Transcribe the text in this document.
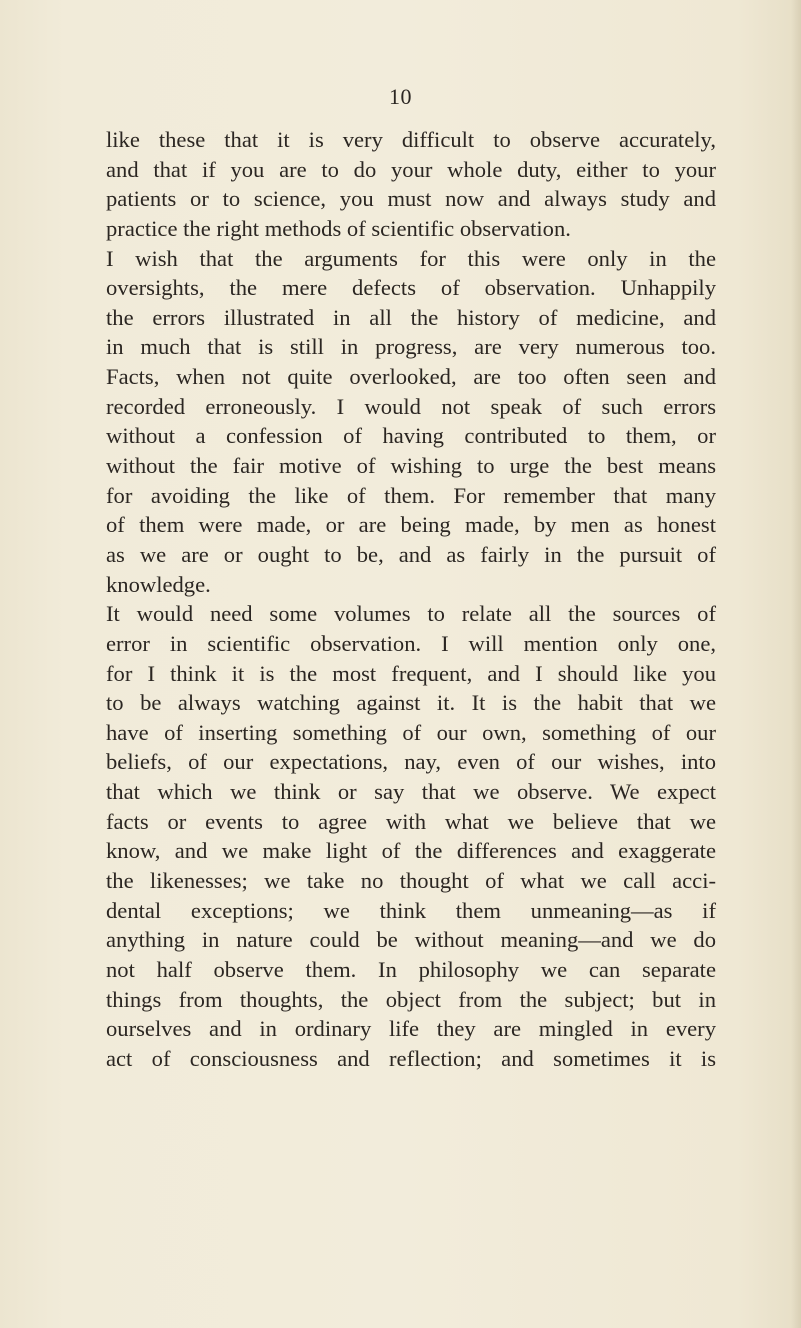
10
like these that it is very difficult to observe accurately,
and that if you are to do your whole duty, either to your
patients or to science, you must now and always study and
practice the right methods of scientific observation.
I wish that the arguments for this were only in the
oversights, the mere defects of observation. Unhappily
the errors illustrated in all the history of medicine, and
in much that is still in progress, are very numerous too.
Facts, when not quite overlooked, are too often seen and
recorded erroneously. I would not speak of such errors
without a confession of having contributed to them, or
without the fair motive of wishing to urge the best means
for avoiding the like of them. For remember that many
of them were made, or are being made, by men as honest
as we are or ought to be, and as fairly in the pursuit of
knowledge.
It would need some volumes to relate all the sources of
error in scientific observation. I will mention only one,
for I think it is the most frequent, and I should like you
to be always watching against it. It is the habit that we
have of inserting something of our own, something of our
beliefs, of our expectations, nay, even of our wishes, into
that which we think or say that we observe. We expect
facts or events to agree with what we believe that we
know, and we make light of the differences and exaggerate
the likenesses; we take no thought of what we call acci-
dental exceptions; we think them unmeaning—as if
anything in nature could be without meaning—and we do
not half observe them. In philosophy we can separate
things from thoughts, the object from the subject; but in
ourselves and in ordinary life they are mingled in every
act of consciousness and reflection; and sometimes it is
